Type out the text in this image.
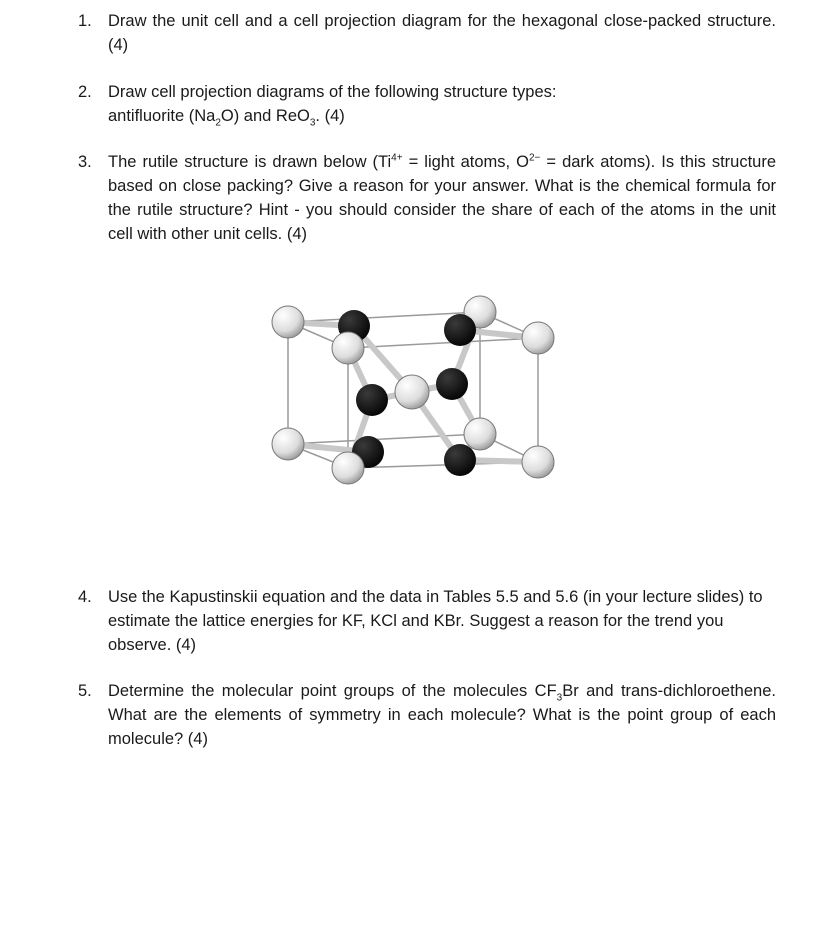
1. Draw the unit cell and a cell projection diagram for the hexagonal close-packed structure. (4)
2. Draw cell projection diagrams of the following structure types:
antifluorite $(Na_2O)$ and ReO$_3$. (4)
3. The rutile structure is drawn below ($Ti^{4+}$ = light atoms, $O^{2-}$ = dark atoms). Is this structure based on close packing? Give a reason for your answer. What is the chemical formula for the rutile structure? Hint - you should consider the share of each of the atoms in the unit cell with other unit cells. (4)
4. Use the Kapustinskii equation and the data in Tables 5.5 and 5.6 (in your lecture slides) to estimate the lattice energies for KF, KCl and KBr. Suggest a reason for the trend you observe. (4)
5. Determine the molecular point groups of the molecules $CF_3Br$ and trans-dichloroethene. What are the elements of symmetry in each molecule? What is the point group of each molecule? (4)
